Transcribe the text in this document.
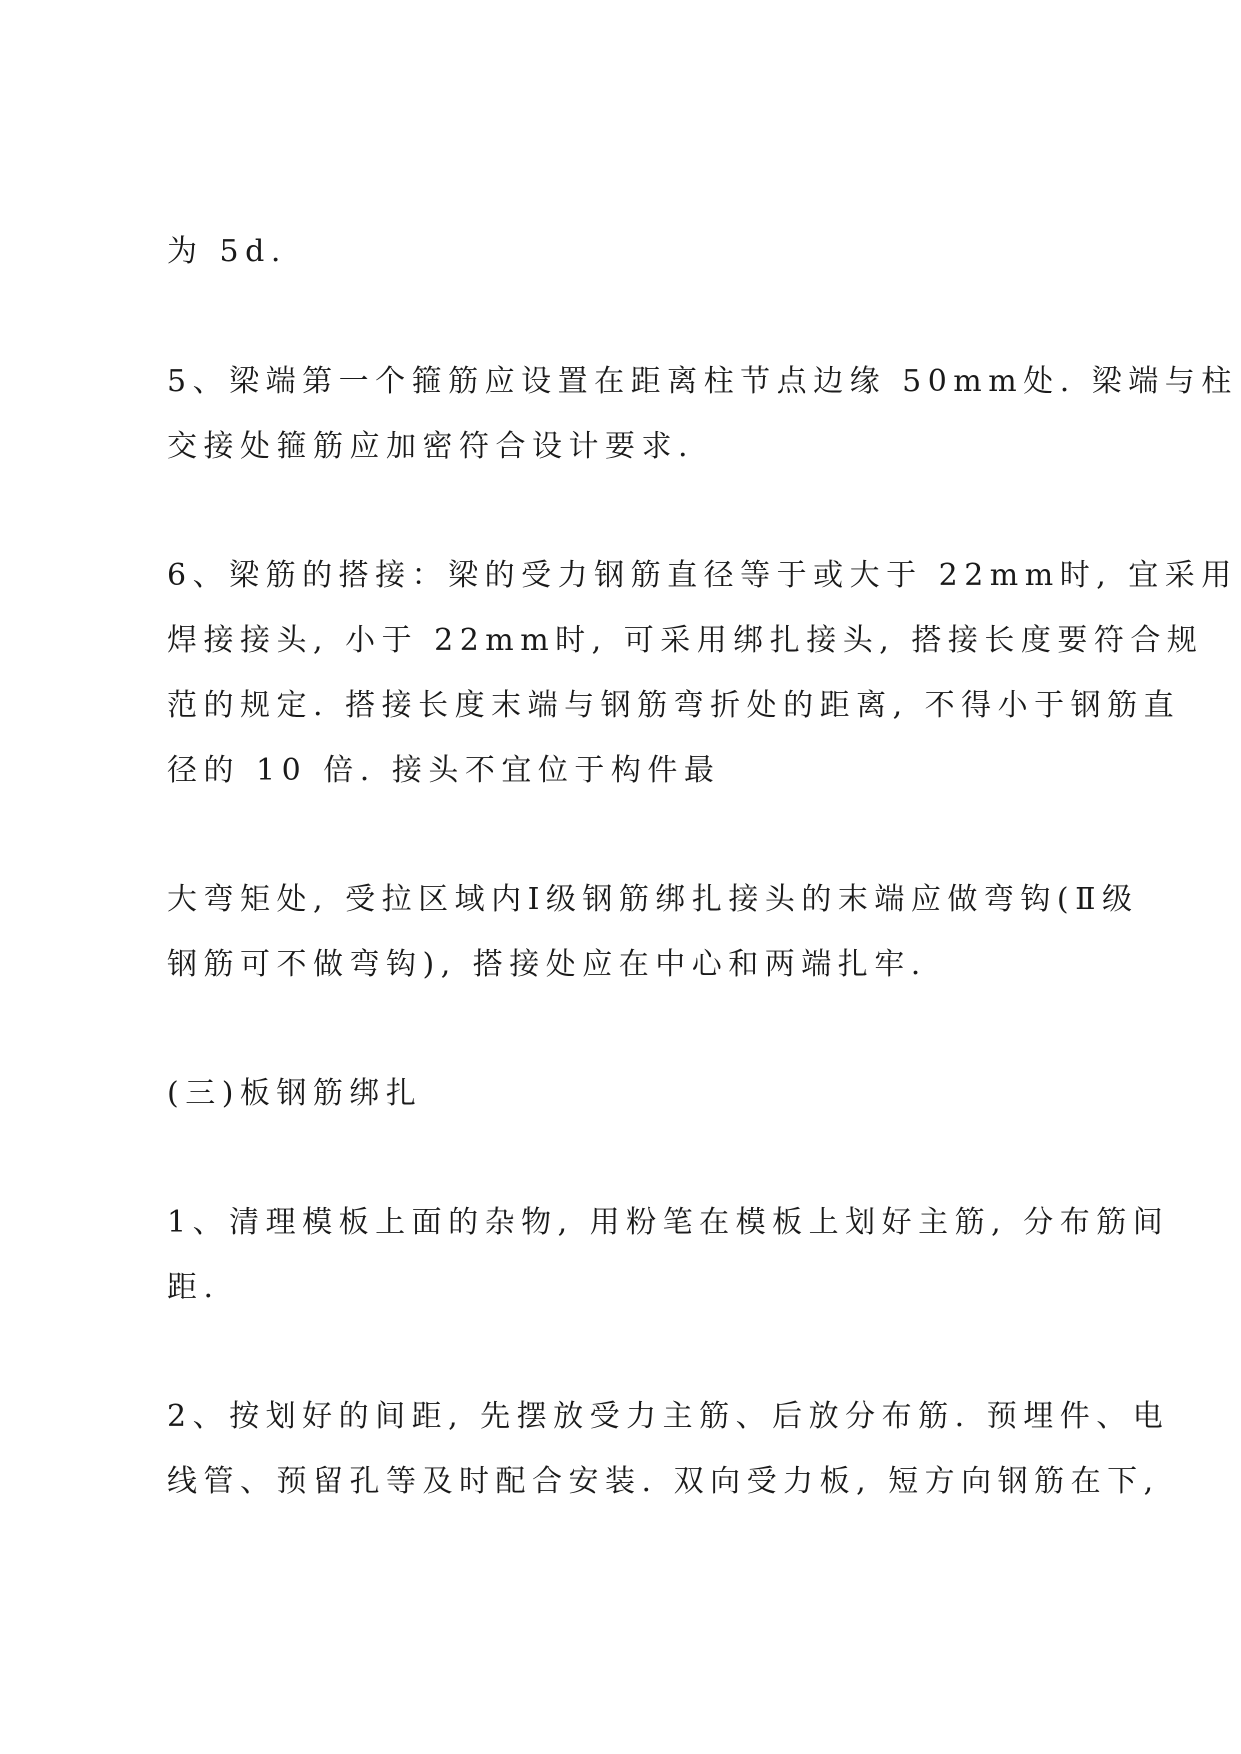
为 5d.
5、梁端第一个箍筋应设置在距离柱节点边缘 50mm处. 梁端与柱
交接处箍筋应加密符合设计要求.
6、梁筋的搭接：梁的受力钢筋直径等于或大于 22mm时, 宜采用
焊接接头, 小于 22mm时, 可采用绑扎接头, 搭接长度要符合规
范的规定. 搭接长度末端与钢筋弯折处的距离, 不得小于钢筋直
径的 10 倍. 接头不宜位于构件最
大弯矩处, 受拉区域内Ⅰ级钢筋绑扎接头的末端应做弯钩(Ⅱ级
钢筋可不做弯钩), 搭接处应在中心和两端扎牢.
(三)板钢筋绑扎
1、清理模板上面的杂物, 用粉笔在模板上划好主筋, 分布筋间
距.
2、按划好的间距, 先摆放受力主筋、后放分布筋. 预埋件、电
线管、预留孔等及时配合安装. 双向受力板, 短方向钢筋在下,
